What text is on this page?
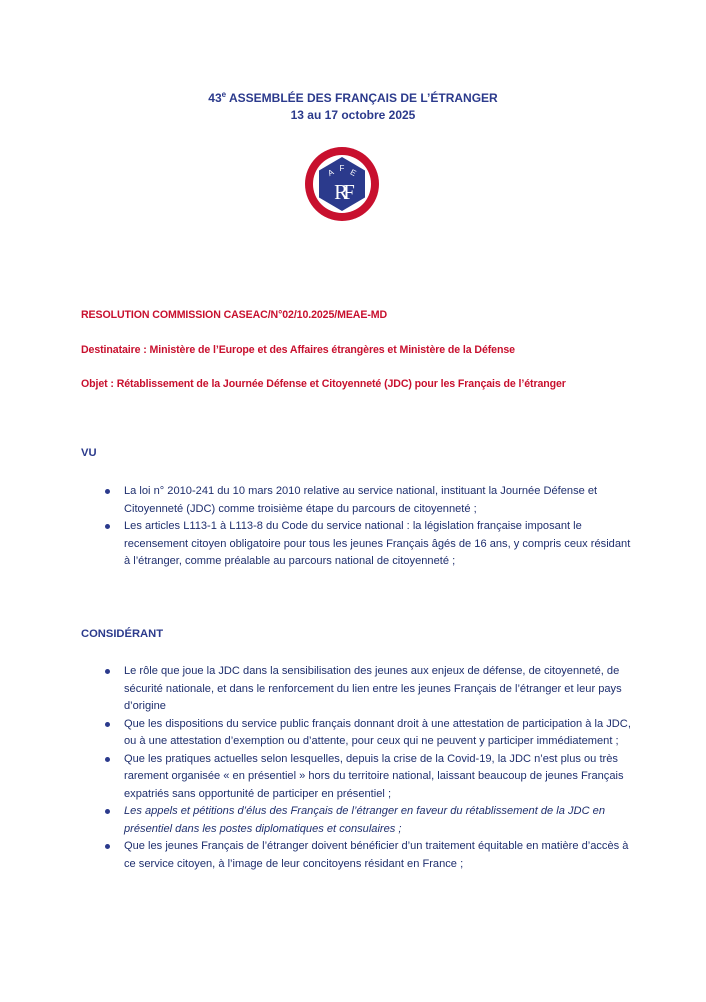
43e ASSEMBLÉE DES FRANÇAIS DE L’ÉTRANGER
13 au 17 octobre 2025
A F E
RF
RESOLUTION COMMISSION CASEAC/N°02/10.2025/MEAE-MD
Destinataire : Ministère de l’Europe et des Affaires étrangères et Ministère de la Défense
Objet : Rétablissement de la Journée Défense et Citoyenneté (JDC) pour les Français de l’étranger
VU
La loi n° 2010-241 du 10 mars 2010 relative au service national, instituant la Journée Défense et Citoyenneté (JDC) comme troisième étape du parcours de citoyenneté ;
Les articles L113-1 à L113-8 du Code du service national : la législation française imposant le recensement citoyen obligatoire pour tous les jeunes Français âgés de 16 ans, y compris ceux résidant à l’étranger, comme préalable au parcours national de citoyenneté ;
CONSIDÉRANT
Le rôle que joue la JDC dans la sensibilisation des jeunes aux enjeux de défense, de citoyenneté, de sécurité nationale, et dans le renforcement du lien entre les jeunes Français de l’étranger et leur pays d’origine
Que les dispositions du service public français donnant droit à une attestation de participation à la JDC, ou à une attestation d’exemption ou d’attente, pour ceux qui ne peuvent y participer immédiatement ;
Que les pratiques actuelles selon lesquelles, depuis la crise de la Covid-19, la JDC n’est plus ou très rarement organisée « en présentiel » hors du territoire national, laissant beaucoup de jeunes Français expatriés sans opportunité de participer en présentiel ;
Les appels et pétitions d’élus des Français de l’étranger en faveur du rétablissement de la JDC en présentiel dans les postes diplomatiques et consulaires ;
Que les jeunes Français de l’étranger doivent bénéficier d’un traitement équitable en matière d’accès à ce service citoyen, à l’image de leur concitoyens résidant en France ;
